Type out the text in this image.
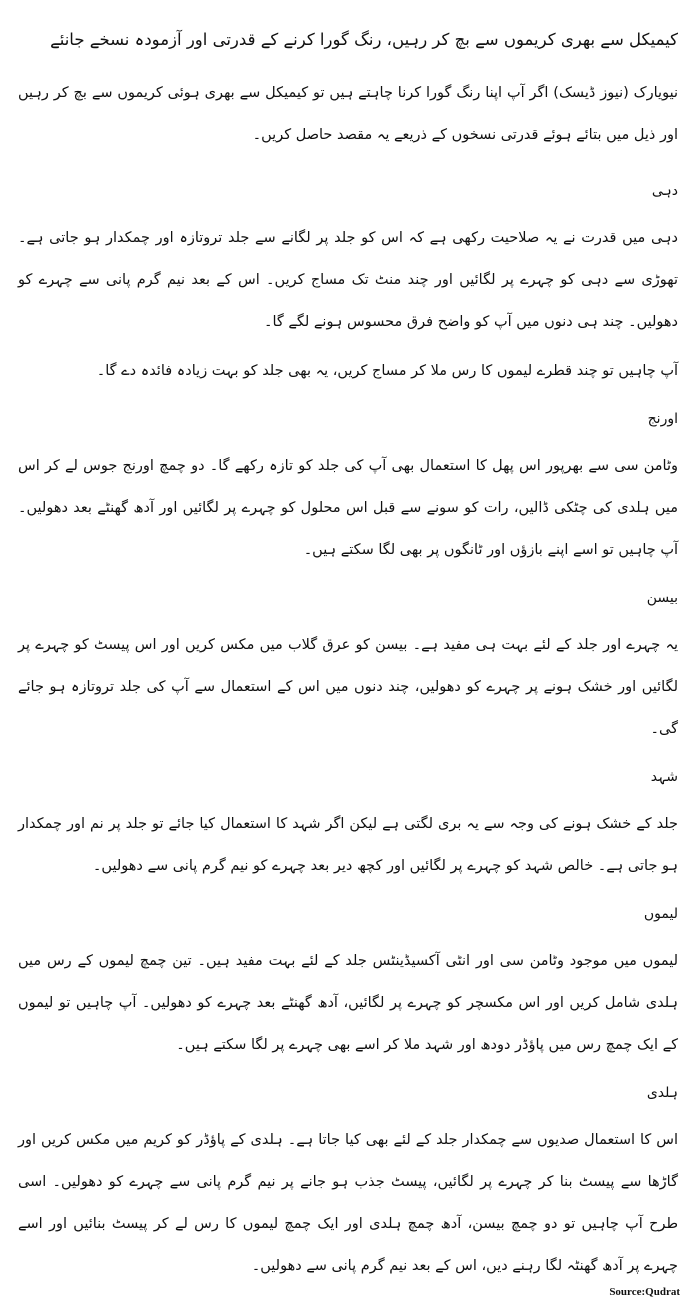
کیمیکل سے بھری کریموں سے بچ کر رہیں، رنگ گورا کرنے کے قدرتی اور آزمودہ نسخے جانئے

نیویارک (نیوز ڈیسک) اگر آپ اپنا رنگ گورا کرنا چاہتے ہیں تو کیمیکل سے بھری ہوئی کریموں سے بچ کر رہیں اور ذیل میں بتائے ہوئے قدرتی نسخوں کے ذریعے یہ مقصد حاصل کریں۔

دہی

دہی میں قدرت نے یہ صلاحیت رکھی ہے کہ اس کو جلد پر لگانے سے جلد تروتازہ اور چمکدار ہو جاتی ہے۔ تھوڑی سے دہی کو چہرے پر لگائیں اور چند منٹ تک مساج کریں۔ اس کے بعد نیم گرم پانی سے چہرے کو دھولیں۔ چند ہی دنوں میں آپ کو واضح فرق محسوس ہونے لگے گا۔

آپ چاہیں تو چند قطرے لیموں کا رس ملا کر مساج کریں، یہ بھی جلد کو بہت زیادہ فائدہ دے گا۔

اورنج

وٹامن سی سے بھرپور اس پھل کا استعمال بھی آپ کی جلد کو تازہ رکھے گا۔ دو چمچ اورنج جوس لے کر اس میں ہلدی کی چٹکی ڈالیں، رات کو سونے سے قبل اس محلول کو چہرے پر لگائیں اور آدھ گھنٹے بعد دھولیں۔ آپ چاہیں تو اسے اپنے بازؤں اور ٹانگوں پر بھی لگا سکتے ہیں۔

بیسن

یہ چہرے اور جلد کے لئے بہت ہی مفید ہے۔ بیسن کو عرق گلاب میں مکس کریں اور اس پیسٹ کو چہرے پر لگائیں اور خشک ہونے پر چہرے کو دھولیں، چند دنوں میں اس کے استعمال سے آپ کی جلد تروتازہ ہو جائے گی۔

شہد

جلد کے خشک ہونے کی وجہ سے یہ بری لگتی ہے لیکن اگر شہد کا استعمال کیا جائے تو جلد پر نم اور چمکدار ہو جاتی ہے۔ خالص شہد کو چہرے پر لگائیں اور کچھ دیر بعد چہرے کو نیم گرم پانی سے دھولیں۔

لیموں

لیموں میں موجود وٹامن سی اور انٹی آکسیڈینٹس جلد کے لئے بہت مفید ہیں۔ تین چمچ لیموں کے رس میں ہلدی شامل کریں اور اس مکسچر کو چہرے پر لگائیں، آدھ گھنٹے بعد چہرے کو دھولیں۔ آپ چاہیں تو لیموں کے ایک چمچ رس میں پاؤڈر دودھ اور شہد ملا کر اسے بھی چہرے پر لگا سکتے ہیں۔

ہلدی

اس کا استعمال صدیوں سے چمکدار جلد کے لئے بھی کیا جاتا ہے۔ ہلدی کے پاؤڈر کو کریم میں مکس کریں اور گاڑھا سے پیسٹ بنا کر چہرے پر لگائیں، پیسٹ جذب ہو جانے پر نیم گرم پانی سے چہرے کو دھولیں۔ اسی طرح آپ چاہیں تو دو چمچ بیسن، آدھ چمچ ہلدی اور ایک چمچ لیموں کا رس لے کر پیسٹ بنائیں اور اسے چہرے پر آدھ گھنٹہ لگا رہنے دیں، اس کے بعد نیم گرم پانی سے دھولیں۔

Source:Qudrat
